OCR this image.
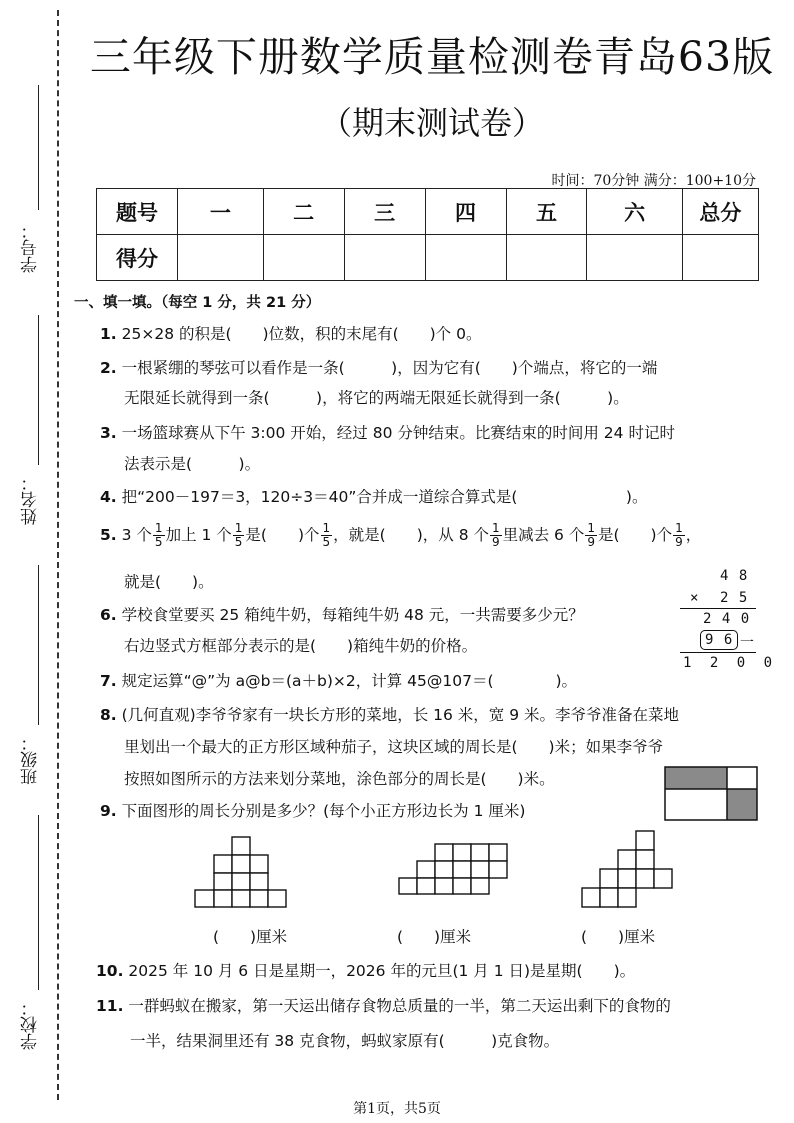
学号：
姓名：
班级：
学校：
三年级下册数学质量检测卷青岛63版
（期末测试卷）
时间：70分钟 满分：100+10分
题号	一	二	三	四	五	六	总分
得分							
一、填一填。（每空 1 分，共 21 分）
1. 25×28 的积是(　　)位数，积的末尾有(　　)个 0。
2. 一根紧绷的琴弦可以看作是一条(　　　)，因为它有(　　)个端点，将它的一端
无限延长就得到一条(　　　)，将它的两端无限延长就得到一条(　　　)。
3. 一场篮球赛从下午 3:00 开始，经过 80 分钟结束。比赛结束的时间用 24 时记时
法表示是(　　　)。
4. 把“200－197＝3，120÷3＝40”合并成一道综合算式是(　　　　　　　)。
5. 3 个 $\frac{1}{5}$ 加上 1 个 $\frac{1}{5}$ 是(　　)个 $\frac{1}{5}$ ，就是(　　)，从 8 个 $\frac{1}{9}$ 里减去 6 个 $\frac{1}{9}$ 是(　　)个 $\frac{1}{9}$ ，
就是(　　)。
6. 学校食堂要买 25 箱纯牛奶，每箱纯牛奶 48 元，一共需要多少元？
右边竖式方框部分表示的是(　　)箱纯牛奶的价格。
4 8
× 2 5
2 4 0
9 6 一
1 2 0 0
7. 规定运算“@”为 a@b＝(a＋b)×2，计算 45@107＝(　　　　)。
8. (几何直观)李爷爷家有一块长方形的菜地，长 16 米，宽 9 米。李爷爷准备在菜地
里划出一个最大的正方形区域种茄子，这块区域的周长是(　　)米；如果李爷爷
按照如图所示的方法来划分菜地，涂色部分的周长是(　　)米。
9. 下面图形的周长分别是多少？(每个小正方形边长为 1 厘米)
(　　)厘米	(　　)厘米	(　　)厘米
10. 2025 年 10 月 6 日是星期一，2026 年的元旦(1 月 1 日)是星期(　　)。
11. 一群蚂蚁在搬家，第一天运出储存食物总质量的一半，第二天运出剩下的食物的
一半，结果洞里还有 38 克食物，蚂蚁家原有(　　　)克食物。
第1页，共5页
